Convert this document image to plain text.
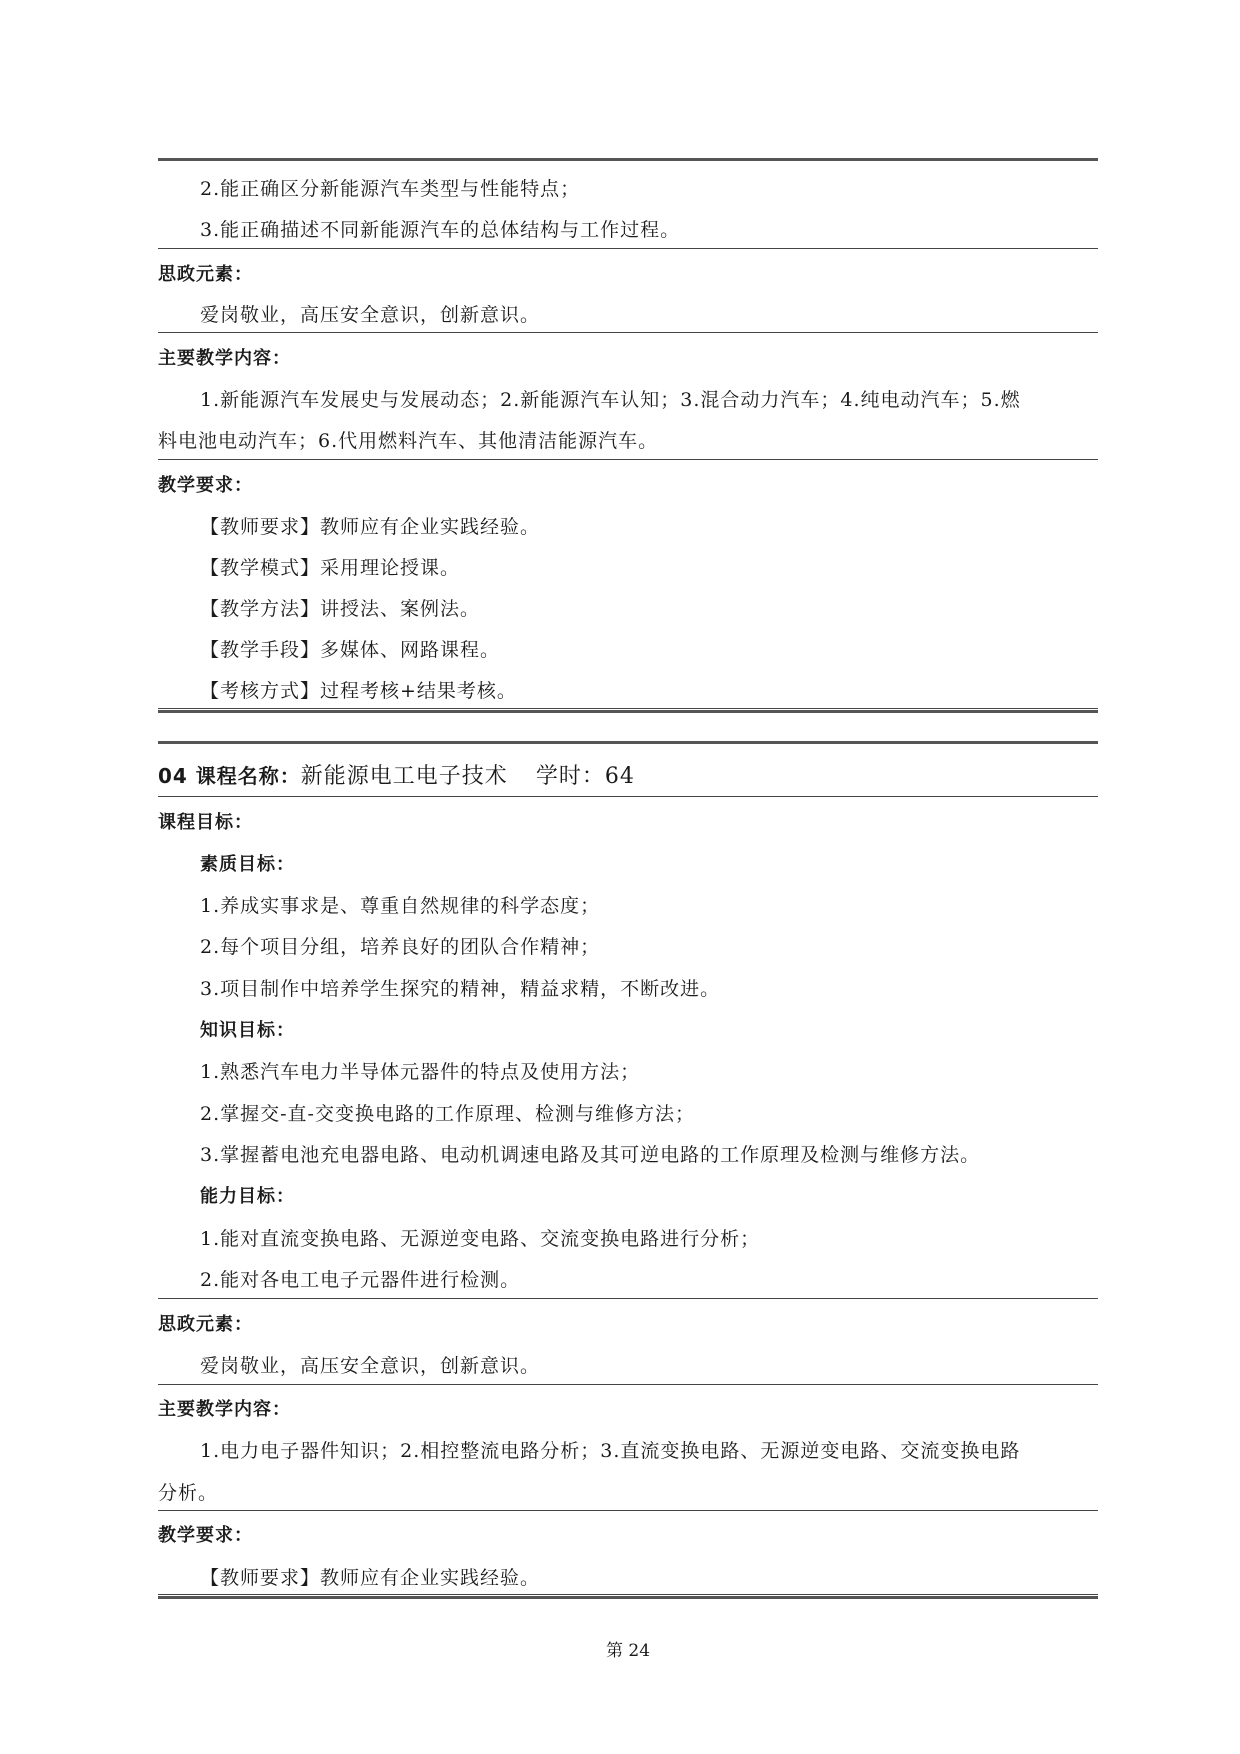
2.能正确区分新能源汽车类型与性能特点；
3.能正确描述不同新能源汽车的总体结构与工作过程。
思政元素：
爱岗敬业，高压安全意识，创新意识。
主要教学内容：
1.新能源汽车发展史与发展动态；2.新能源汽车认知；3.混合动力汽车；4.纯电动汽车；5.燃
料电池电动汽车；6.代用燃料汽车、其他清洁能源汽车。
教学要求：
【教师要求】教师应有企业实践经验。
【教学模式】采用理论授课。
【教学方法】讲授法、案例法。
【教学手段】多媒体、网路课程。
【考核方式】过程考核+结果考核。
04 课程名称：新能源电工电子技术 学时：64
课程目标：
素质目标：
1.养成实事求是、尊重自然规律的科学态度；
2.每个项目分组，培养良好的团队合作精神；
3.项目制作中培养学生探究的精神，精益求精，不断改进。
知识目标：
1.熟悉汽车电力半导体元器件的特点及使用方法；
2.掌握交-直-交变换电路的工作原理、检测与维修方法；
3.掌握蓄电池充电器电路、电动机调速电路及其可逆电路的工作原理及检测与维修方法。
能力目标：
1.能对直流变换电路、无源逆变电路、交流变换电路进行分析；
2.能对各电工电子元器件进行检测。
思政元素：
爱岗敬业，高压安全意识，创新意识。
主要教学内容：
1.电力电子器件知识；2.相控整流电路分析；3.直流变换电路、无源逆变电路、交流变换电路
分析。
教学要求：
【教师要求】教师应有企业实践经验。
第 24
